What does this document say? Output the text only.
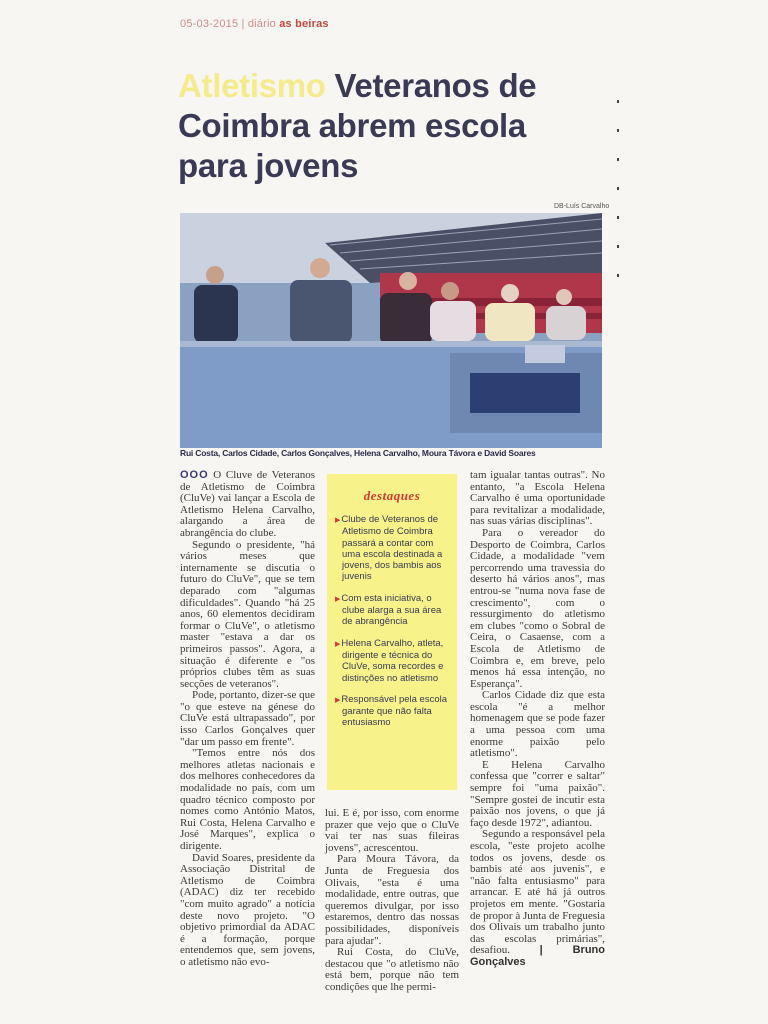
05-03-2015 | diário as beiras
Atletismo Veteranos de Coimbra abrem escola para jovens
DB-Luís Carvalho
Rui Costa, Carlos Cidade, Carlos Gonçalves, Helena Carvalho, Moura Távora e David Soares

OOO O Cluve de Veteranos de Atletismo de Coimbra (CluVe) vai lançar a Escola de Atletismo Helena Carvalho, alargando a área de abrangência do clube.

Segundo o presidente, "há vários meses que internamente se discutia o futuro do CluVe", que se tem deparado com "algumas dificuldades". Quando "há 25 anos, 60 elementos decidiram formar o CluVe", o atletismo master "estava a dar os primeiros passos". Agora, a situação é diferente e "os próprios clubes têm as suas secções de veteranos".

Pode, portanto, dizer-se que "o que esteve na génese do CluVe está ultrapassado", por isso Carlos Gonçalves quer "dar um passo em frente".

"Temos entre nós dos melhores atletas nacionais e dos melhores conhecedores da modalidade no país, com um quadro técnico composto por nomes como António Matos, Rui Costa, Helena Carvalho e José Marques", explica o dirigente.

David Soares, presidente da Associação Distrital de Atletismo de Coimbra (ADAC) diz ter recebido "com muito agrado" a notícia deste novo projeto. "O objetivo primordial da ADAC é a formação, porque entendemos que, sem jovens, o atletismo não evo-

destaques
▶ Clube de Veteranos de Atletismo de Coimbra passará a contar com uma escola destinada a jovens, dos bambis aos juvenis
▶ Com esta iniciativa, o clube alarga a sua área de abrangência
▶ Helena Carvalho, atleta, dirigente e técnica do CluVe, soma recordes e distinções no atletismo
▶ Responsável pela escola garante que não falta entusiasmo

lui. E é, por isso, com enorme prazer que vejo que o CluVe vai ter nas suas fileiras jovens", acrescentou.

Para Moura Távora, da Junta de Freguesia dos Olivais, "esta é uma modalidade, entre outras, que queremos divulgar, por isso estaremos, dentro das nossas possibilidades, disponíveis para ajudar".

Rui Costa, do CluVe, destacou que "o atletismo não está bem, porque não tem condições que lhe permi-

tam igualar tantas outras". No entanto, "a Escola Helena Carvalho é uma oportunidade para revitalizar a modalidade, nas suas várias disciplinas".

Para o vereador do Desporto de Coimbra, Carlos Cidade, a modalidade "vem percorrendo uma travessia do deserto há vários anos", mas entrou-se "numa nova fase de crescimento", com o ressurgimento do atletismo em clubes "como o Sobral de Ceira, o Casaense, com a Escola de Atletismo de Coimbra e, em breve, pelo menos há essa intenção, no Esperança".

Carlos Cidade diz que esta escola "é a melhor homenagem que se pode fazer a uma pessoa com uma enorme paixão pelo atletismo".

E Helena Carvalho confessa que "correr e saltar" sempre foi "uma paixão". "Sempre gostei de incutir esta paixão nos jovens, o que já faço desde 1972", adiantou.

Segundo a responsável pela escola, "este projeto acolhe todos os jovens, desde os bambis até aos juvenis", e "não falta entusiasmo" para arrancar. E até há já outros projetos em mente. "Gostaria de propor à Junta de Freguesia dos Olivais um trabalho junto das escolas primárias", desafiou.	| Bruno Gonçalves
